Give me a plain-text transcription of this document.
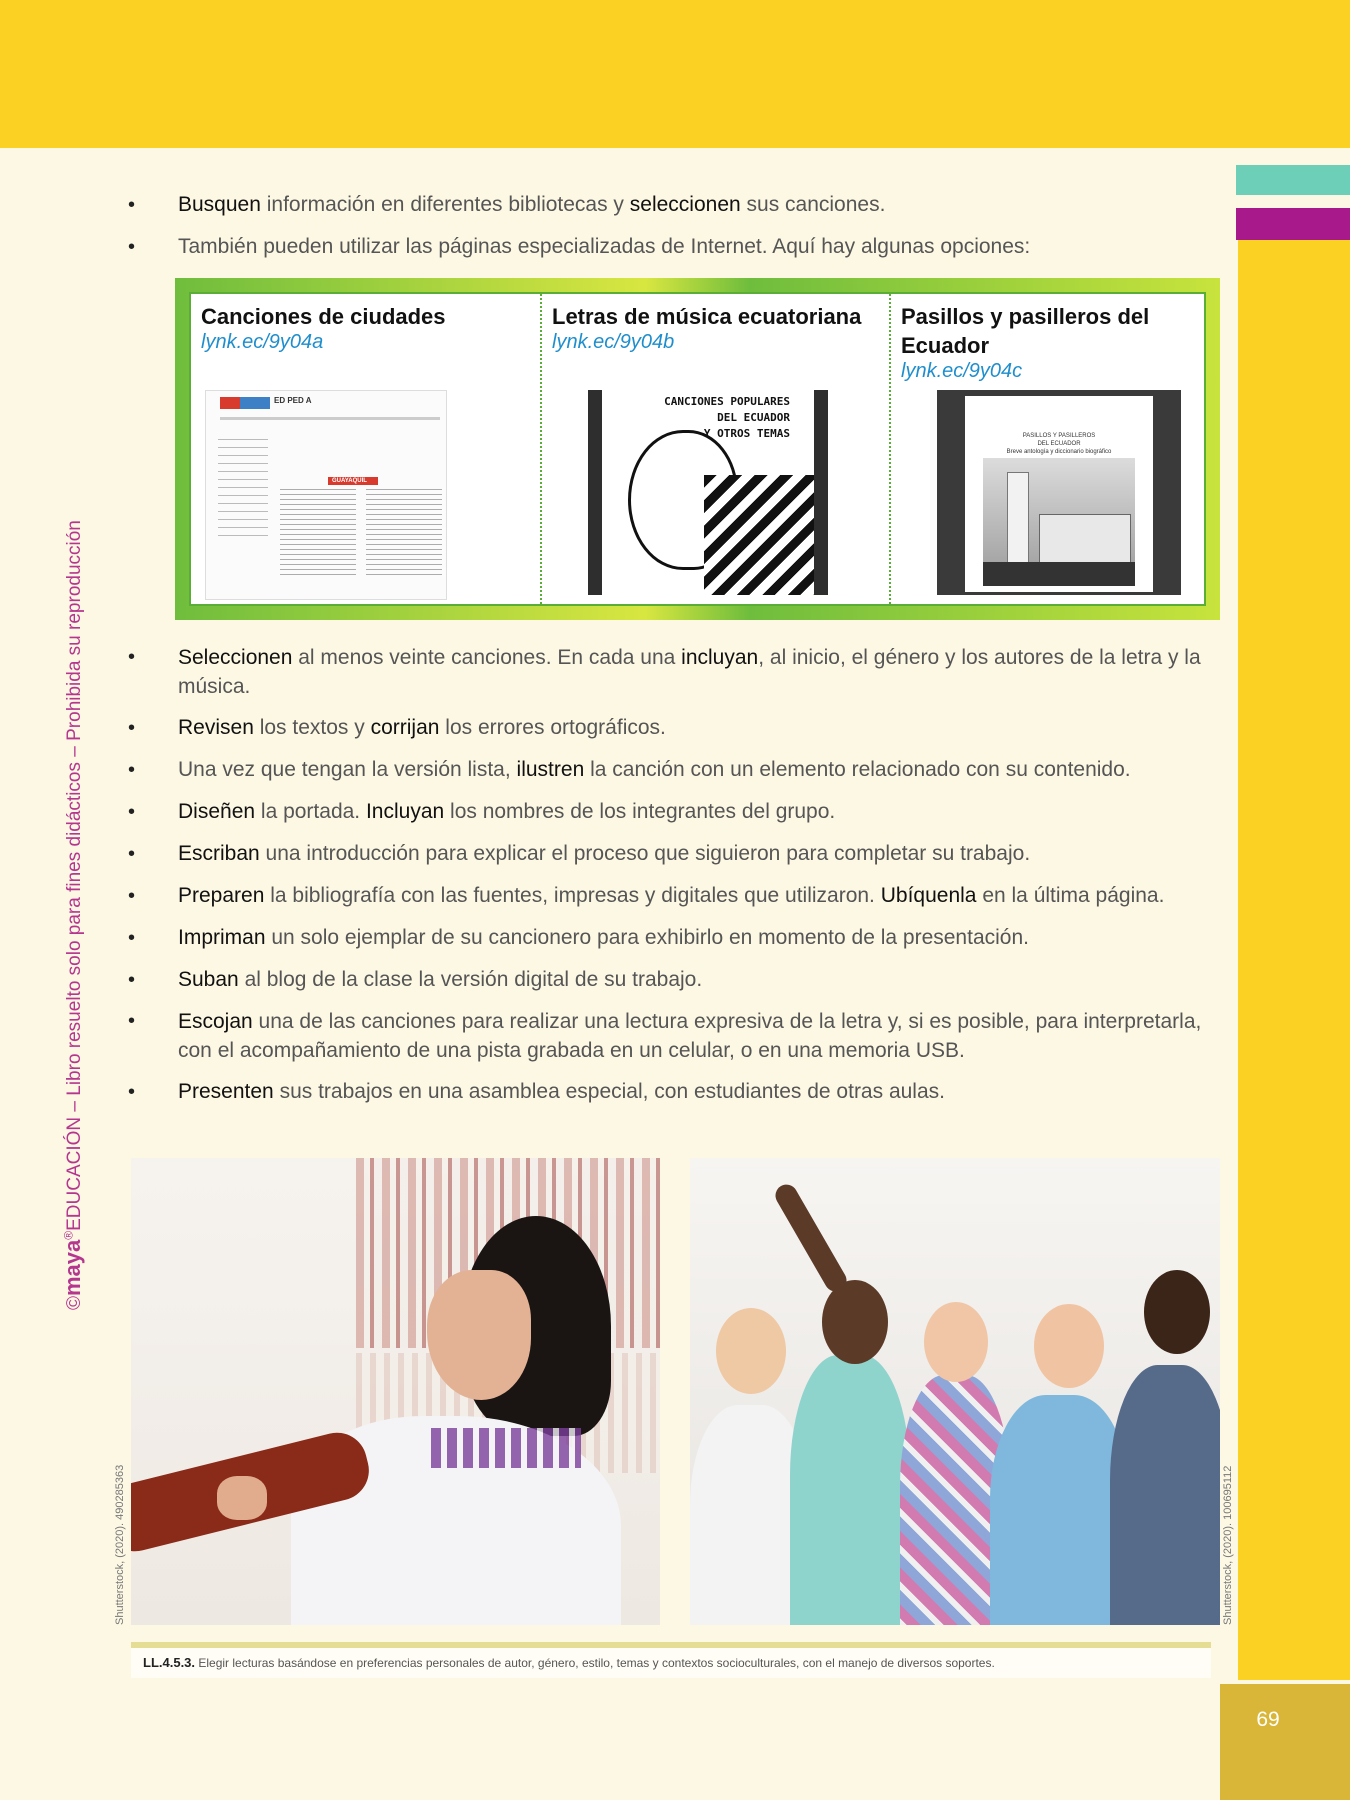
©maya®EDUCACIÓN – Libro resuelto solo para fines didácticos – Prohibida su reproducción
• Busquen información en diferentes bibliotecas y seleccionen sus canciones.
• También pueden utilizar las páginas especializadas de Internet. Aquí hay algunas opciones:
Canciones de ciudades
lynk.ec/9y04a
ED PED A
GUAYAQUIL
Letras de música ecuatoriana
lynk.ec/9y04b
CANCIONES POPULARES
DEL ECUADOR
Y OTROS TEMAS
Pasillos y pasilleros del Ecuador
lynk.ec/9y04c
PASILLOS Y PASILLEROS
DEL ECUADOR
Breve antología y diccionario biográfico
• Seleccionen al menos veinte canciones. En cada una incluyan, al inicio, el género y los autores de la letra y la música.
• Revisen los textos y corrijan los errores ortográficos.
• Una vez que tengan la versión lista, ilustren la canción con un elemento relacionado con su contenido.
• Diseñen la portada. Incluyan los nombres de los integrantes del grupo.
• Escriban una introducción para explicar el proceso que siguieron para completar su trabajo.
• Preparen la bibliografía con las fuentes, impresas y digitales que utilizaron. Ubíquenla en la última página.
• Impriman un solo ejemplar de su cancionero para exhibirlo en momento de la presentación.
• Suban al blog de la clase la versión digital de su trabajo.
• Escojan una de las canciones para realizar una lectura expresiva de la letra y, si es posible, para interpretarla, con el acompañamiento de una pista grabada en un celular, o en una memoria USB.
• Presenten sus trabajos en una asamblea especial, con estudiantes de otras aulas.
Shutterstock, (2020). 490285363	Shutterstock, (2020). 100695112
LL.4.5.3. Elegir lecturas basándose en preferencias personales de autor, género, estilo, temas y contextos socioculturales, con el manejo de diversos soportes.
69
